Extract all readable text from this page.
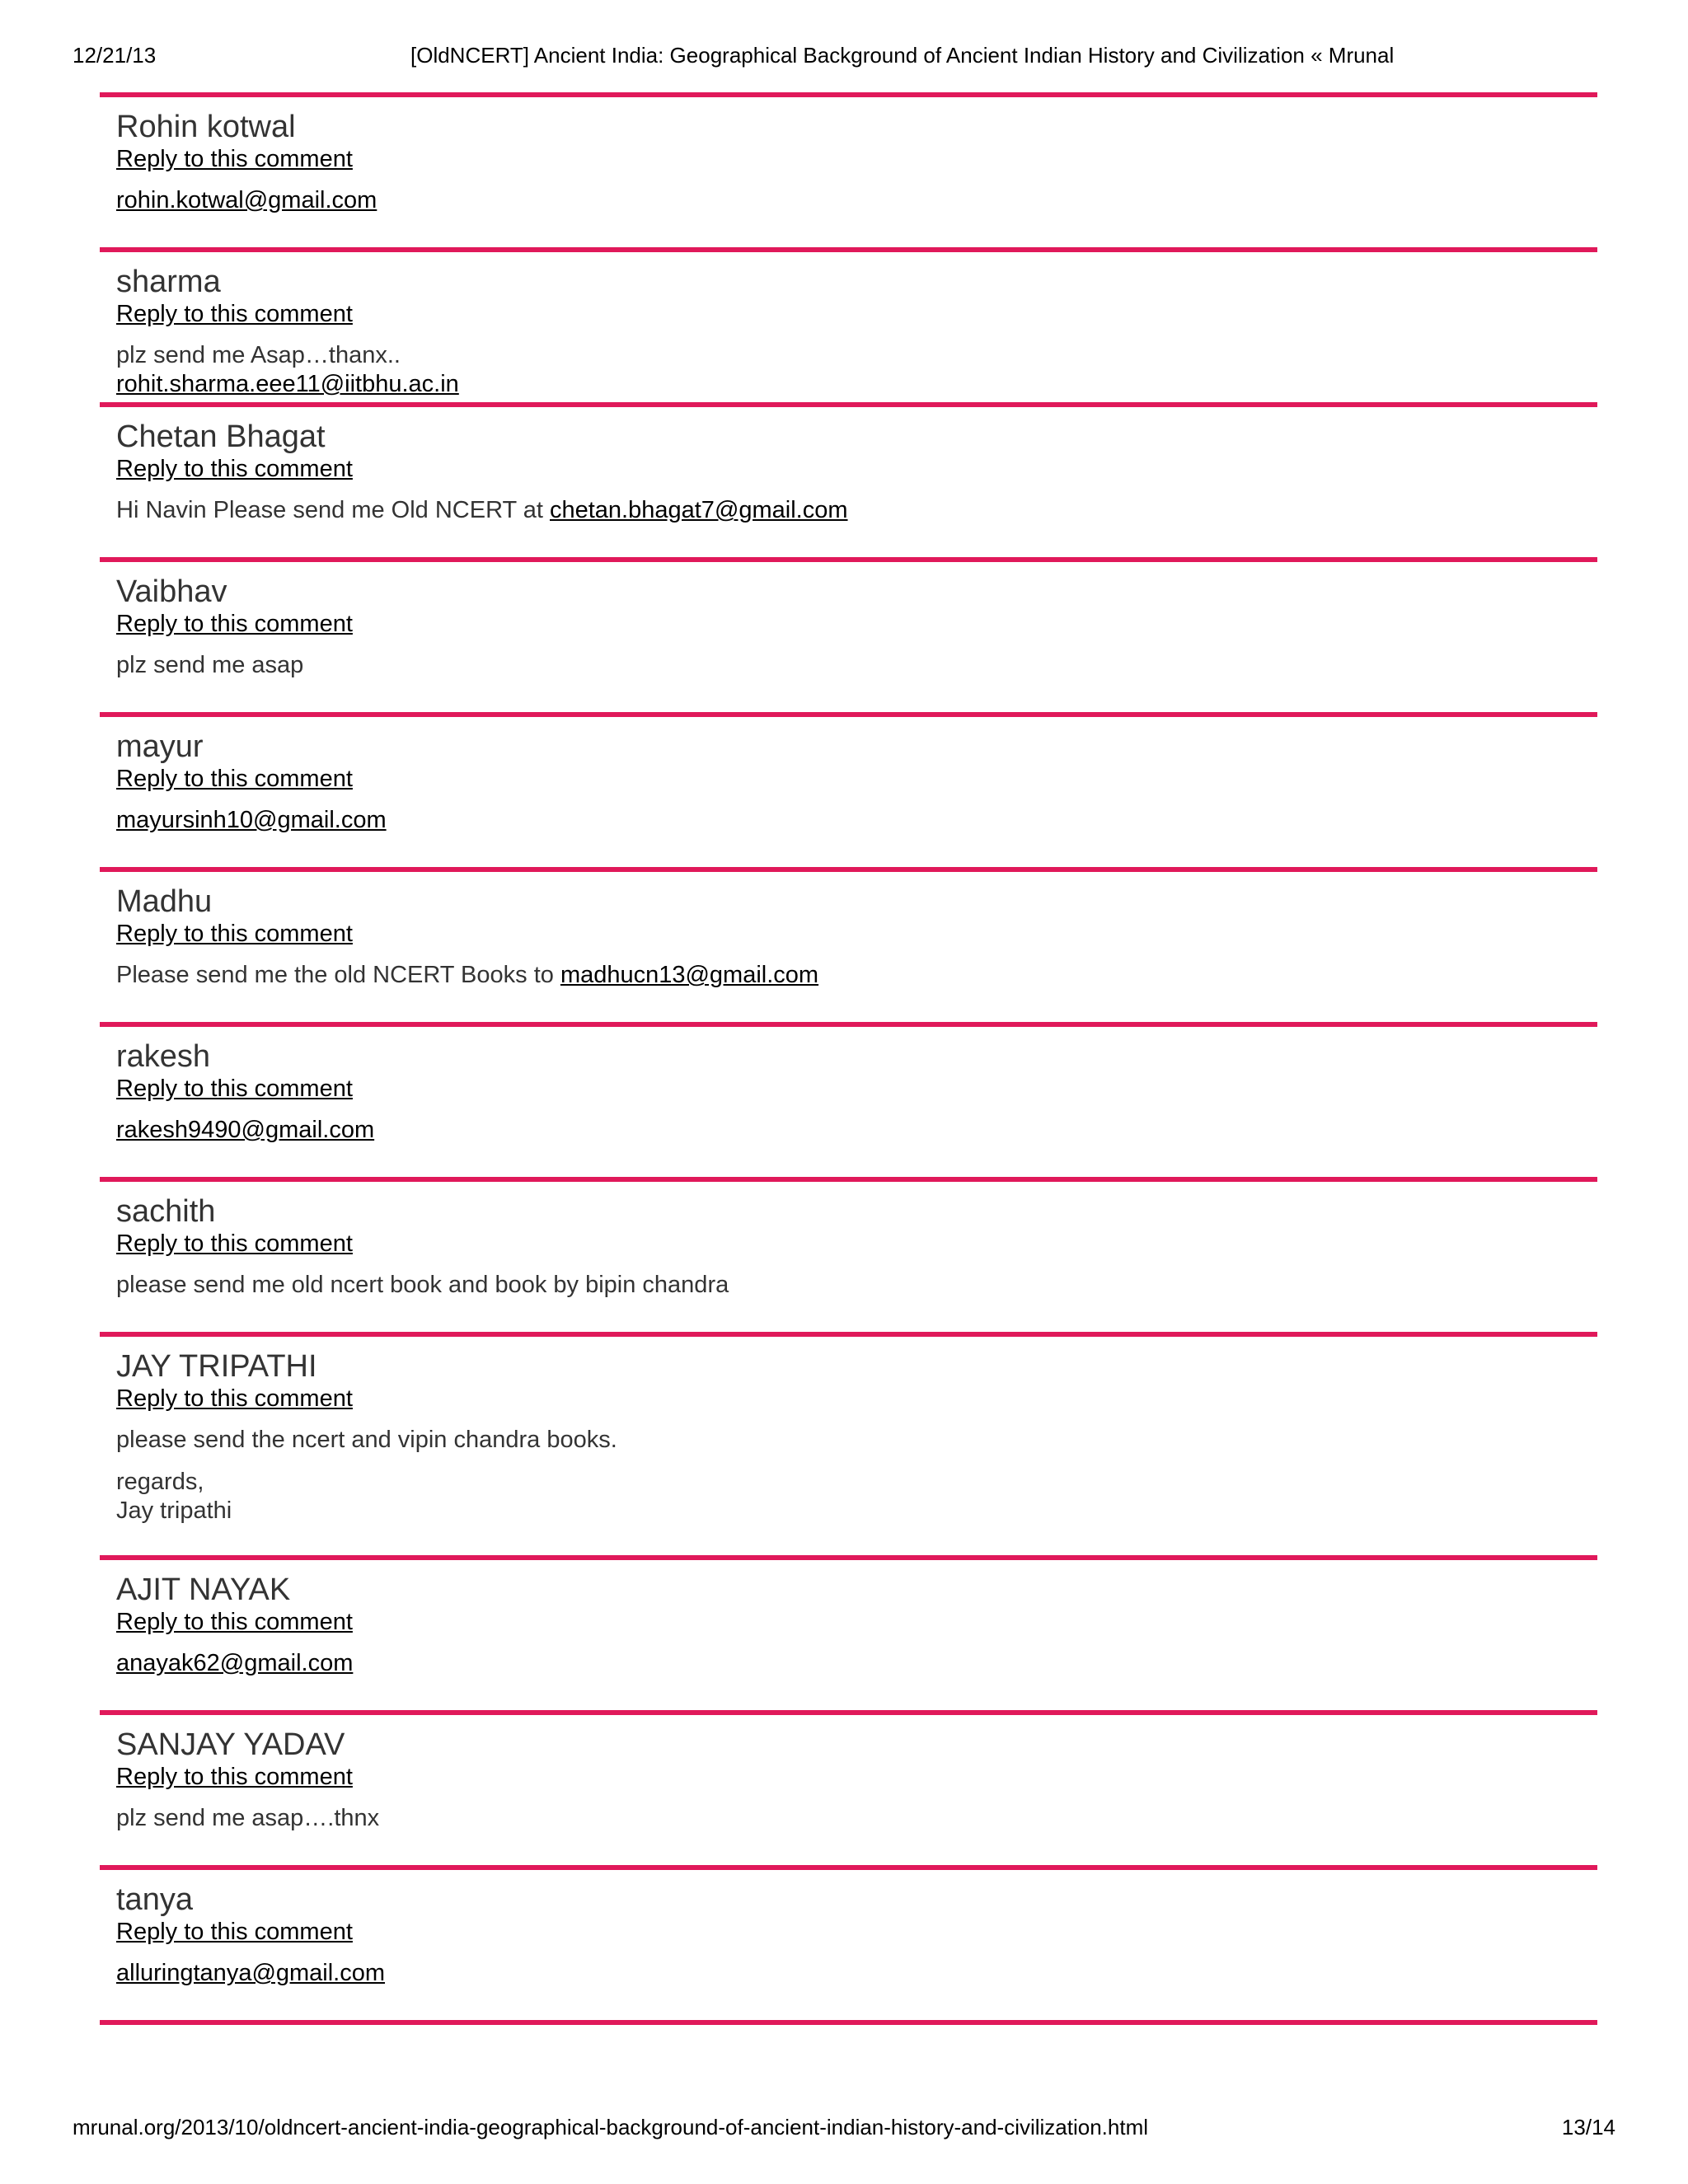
12/21/13	[OldNCERT] Ancient India: Geographical Background of Ancient Indian History and Civilization « Mrunal
Rohin kotwal
Reply to this comment

rohin.kotwal@gmail.com

sharma
Reply to this comment

plz send me Asap…thanx..
rohit.sharma.eee11@iitbhu.ac.in

Chetan Bhagat
Reply to this comment

Hi Navin Please send me Old NCERT at chetan.bhagat7@gmail.com

Vaibhav
Reply to this comment

plz send me asap

mayur
Reply to this comment

mayursinh10@gmail.com

Madhu
Reply to this comment

Please send me the old NCERT Books to madhucn13@gmail.com

rakesh
Reply to this comment

rakesh9490@gmail.com

sachith
Reply to this comment

please send me old ncert book and book by bipin chandra

JAY TRIPATHI
Reply to this comment

please send the ncert and vipin chandra books.

regards,
Jay tripathi

AJIT NAYAK
Reply to this comment

anayak62@gmail.com

SANJAY YADAV
Reply to this comment

plz send me asap….thnx

tanya
Reply to this comment

alluringtanya@gmail.com

mrunal.org/2013/10/oldncert-ancient-india-geographical-background-of-ancient-indian-history-and-civilization.html	13/14
